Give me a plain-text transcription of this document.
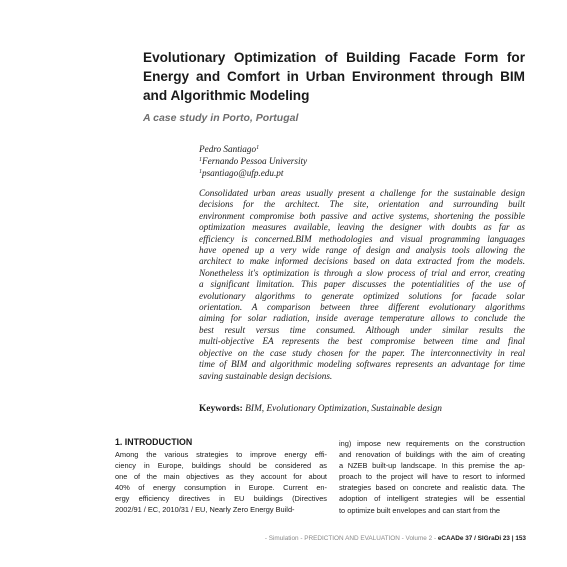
Evolutionary Optimization of Building Facade Form for
Energy and Comfort in Urban Environment through BIM
and Algorithmic Modeling
A case study in Porto, Portugal
Pedro Santiago$^1$
$^1$Fernando Pessoa University
$^1$psantiago@ufp.edu.pt
Consolidated urban areas usually present a challenge for the sustainable design
decisions for the architect. The site, orientation and surrounding built
environment compromise both passive and active systems, shortening the possible
optimization measures available, leaving the designer with doubts as far as
efficiency is concerned.BIM methodologies and visual programming languages
have opened up a very wide range of design and analysis tools allowing the
architect to make informed decisions based on data extracted from the models.
Nonetheless it's optimization is through a slow process of trial and error, creating
a significant limitation. This paper discusses the potentialities of the use of
evolutionary algorithms to generate optimized solutions for facade solar
orientation. A comparison between three different evolutionary algorithms
aiming for solar radiation, inside average temperature allows to conclude the
best result versus time consumed. Although under similar results the
multi-objective EA represents the best compromise between time and final
objective on the case study chosen for the paper. The interconnectivity in real
time of BIM and algorithmic modeling softwares represents an advantage for time
saving sustainable design decisions.
Keywords: BIM, Evolutionary Optimization, Sustainable design
1. INTRODUCTION
Among the various strategies to improve energy effi-
ciency in Europe, buildings should be considered as
one of the main objectives as they account for about
40% of energy consumption in Europe. Current en-
ergy efficiency directives in EU buildings (Directives
2002/91 / EC, 2010/31 / EU, Nearly Zero Energy Build-
ing) impose new requirements on the construction
and renovation of buildings with the aim of creating
a NZEB built-up landscape. In this premise the ap-
proach to the project will have to resort to informed
strategies based on concrete and realistic data. The
adoption of intelligent strategies will be essential
to optimize built envelopes and can start from the
- Simulation - PREDICTION AND EVALUATION - Volume 2 - eCAADe 37 / SIGraDi 23 | 153
